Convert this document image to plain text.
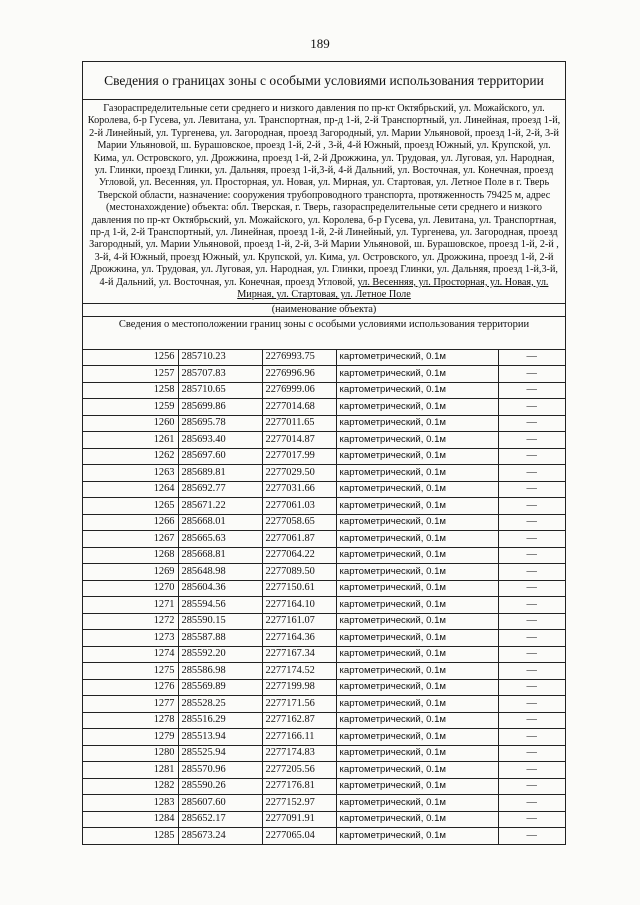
189
Сведения о границах зоны с особыми условиями использования территории
Газораспределительные сети среднего и низкого давления по пр-кт Октябрьский, ул. Можайского, ул. Королева, б-р Гусева, ул. Левитана, ул. Транспортная, пр-д 1-й, 2-й Транспортный, ул. Линейная, проезд 1-й, 2-й Линейный, ул. Тургенева, ул. Загородная, проезд Загородный, ул. Марии Ульяновой, проезд 1-й, 2-й, 3-й Марии Ульяновой, ш. Бурашовское, проезд 1-й, 2-й , 3-й, 4-й Южный, проезд Южный, ул. Крупской, ул. Кима, ул. Островского, ул. Дрожжина, проезд 1-й, 2-й Дрожжина, ул. Трудовая, ул. Луговая, ул. Народная, ул. Глинки, проезд Глинки, ул. Дальняя, проезд 1-й,3-й, 4-й Дальний, ул. Восточная, ул. Конечная, проезд Угловой, ул. Весенняя, ул. Просторная, ул. Новая, ул. Мирная, ул. Стартовая, ул. Летное Поле в г. Тверь Тверской области, назначение: сооружения трубопроводного транспорта, протяженность 79425 м, адрес (местонахождение) объекта: обл. Тверская, г. Тверь, газораспределительные сети среднего и низкого давления по пр-кт Октябрьский, ул. Можайского, ул. Королева, б-р Гусева, ул. Левитана, ул. Транспортная, пр-д 1-й, 2-й Транспортный, ул. Линейная, проезд 1-й, 2-й Линейный, ул. Тургенева, ул. Загородная, проезд Загородный, ул. Марии Ульяновой, проезд 1-й, 2-й, 3-й Марии Ульяновой, ш. Бурашовское, проезд 1-й, 2-й , 3-й, 4-й Южный, проезд Южный, ул. Крупской, ул. Кима, ул. Островского, ул. Дрожжина, проезд 1-й, 2-й Дрожжина, ул. Трудовая, ул. Луговая, ул. Народная, ул. Глинки, проезд Глинки, ул. Дальняя, проезд 1-й,3-й, 4-й Дальний, ул. Восточная, ул. Конечная, проезд Угловой, ул. Весенняя, ул. Просторная, ул. Новая, ул. Мирная, ул. Стартовая, ул. Летное Поле
(наименование объекта)
Сведения о местоположении границ зоны с особыми условиями использования территории
1256	285710.23	2276993.75	картометрический, 0.1м	—
1257	285707.83	2276996.96	картометрический, 0.1м	—
1258	285710.65	2276999.06	картометрический, 0.1м	—
1259	285699.86	2277014.68	картометрический, 0.1м	—
1260	285695.78	2277011.65	картометрический, 0.1м	—
1261	285693.40	2277014.87	картометрический, 0.1м	—
1262	285697.60	2277017.99	картометрический, 0.1м	—
1263	285689.81	2277029.50	картометрический, 0.1м	—
1264	285692.77	2277031.66	картометрический, 0.1м	—
1265	285671.22	2277061.03	картометрический, 0.1м	—
1266	285668.01	2277058.65	картометрический, 0.1м	—
1267	285665.63	2277061.87	картометрический, 0.1м	—
1268	285668.81	2277064.22	картометрический, 0.1м	—
1269	285648.98	2277089.50	картометрический, 0.1м	—
1270	285604.36	2277150.61	картометрический, 0.1м	—
1271	285594.56	2277164.10	картометрический, 0.1м	—
1272	285590.15	2277161.07	картометрический, 0.1м	—
1273	285587.88	2277164.36	картометрический, 0.1м	—
1274	285592.20	2277167.34	картометрический, 0.1м	—
1275	285586.98	2277174.52	картометрический, 0.1м	—
1276	285569.89	2277199.98	картометрический, 0.1м	—
1277	285528.25	2277171.56	картометрический, 0.1м	—
1278	285516.29	2277162.87	картометрический, 0.1м	—
1279	285513.94	2277166.11	картометрический, 0.1м	—
1280	285525.94	2277174.83	картометрический, 0.1м	—
1281	285570.96	2277205.56	картометрический, 0.1м	—
1282	285590.26	2277176.81	картометрический, 0.1м	—
1283	285607.60	2277152.97	картометрический, 0.1м	—
1284	285652.17	2277091.91	картометрический, 0.1м	—
1285	285673.24	2277065.04	картометрический, 0.1м	—
